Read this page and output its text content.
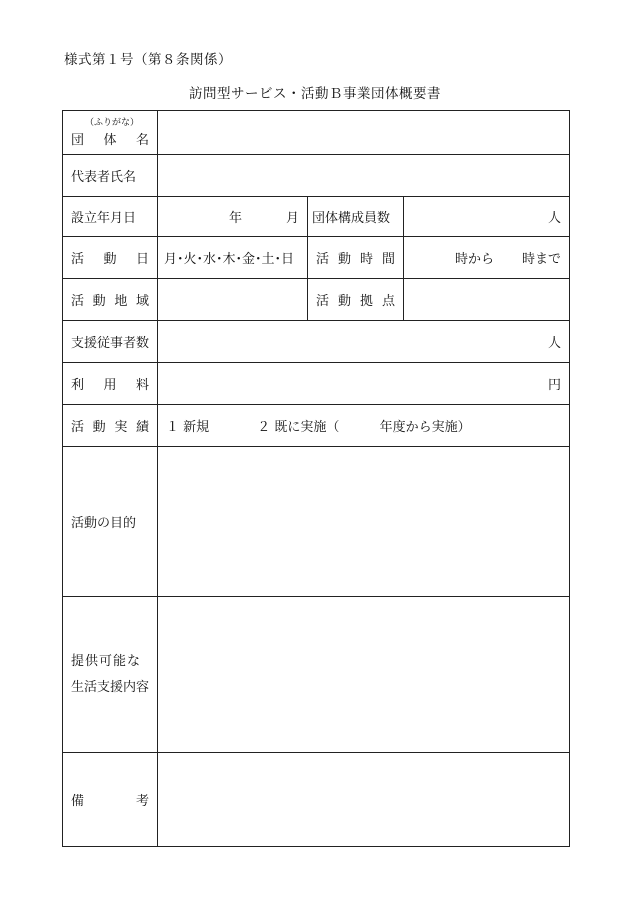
様式第１号（第８条関係）
訪問型サービス・活動Ｂ事業団体概要書
（ふりがな）
団 体 名			

代表者氏名			
設立年月日	年 月	団体構成員数	人

活 動 日	月･火･水･木･金･土･日	活 動 時 間	時から 時まで

活 動 地 域		活 動 拠 点	

支援従事者数	人		

利 用 料	円		

活 動 実 績	１ 新規 ２ 既に実施（ 年度から実施）		
活動の目的			

提供可能な
生活支援内容			

備 考			
